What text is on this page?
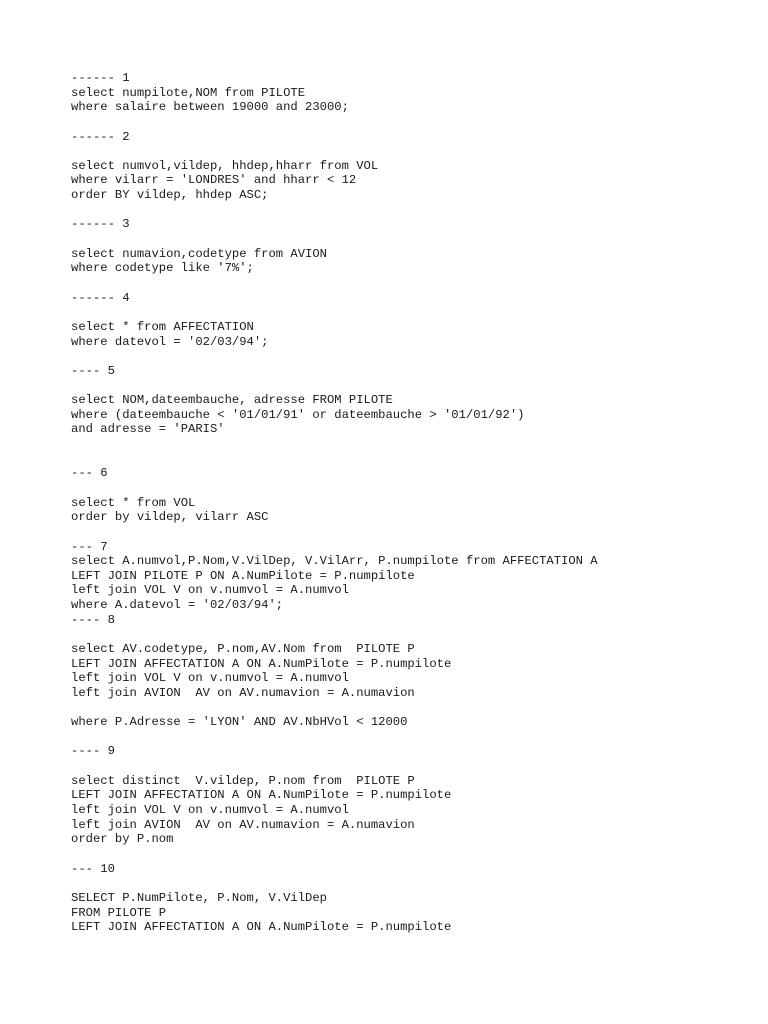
------ 1
select numpilote,NOM from PILOTE
where salaire between 19000 and 23000;

------ 2

select numvol,vildep, hhdep,hharr from VOL
where vilarr = 'LONDRES' and hharr < 12
order BY vildep, hhdep ASC;

------ 3

select numavion,codetype from AVION
where codetype like '7%';

------ 4

select * from AFFECTATION
where datevol = '02/03/94';

---- 5

select NOM,dateembauche, adresse FROM PILOTE
where (dateembauche < '01/01/91' or dateembauche > '01/01/92')
and adresse = 'PARIS'

--- 6

select * from VOL
order by vildep, vilarr ASC

--- 7
select A.numvol,P.Nom,V.VilDep, V.VilArr, P.numpilote from AFFECTATION A
LEFT JOIN PILOTE P ON A.NumPilote = P.numpilote
left join VOL V on v.numvol = A.numvol
where A.datevol = '02/03/94';
---- 8

select AV.codetype, P.nom,AV.Nom from  PILOTE P
LEFT JOIN AFFECTATION A ON A.NumPilote = P.numpilote
left join VOL V on v.numvol = A.numvol
left join AVION  AV on AV.numavion = A.numavion

where P.Adresse = 'LYON' AND AV.NbHVol < 12000

---- 9

select distinct  V.vildep, P.nom from  PILOTE P
LEFT JOIN AFFECTATION A ON A.NumPilote = P.numpilote
left join VOL V on v.numvol = A.numvol
left join AVION  AV on AV.numavion = A.numavion
order by P.nom

--- 10

SELECT P.NumPilote, P.Nom, V.VilDep
FROM PILOTE P
LEFT JOIN AFFECTATION A ON A.NumPilote = P.numpilote
